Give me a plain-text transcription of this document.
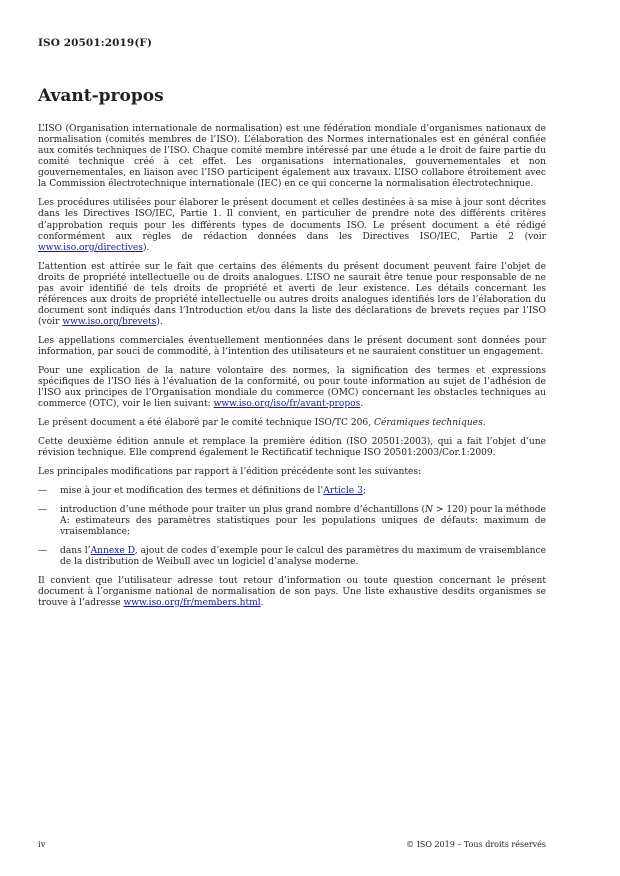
ISO 20501:2019(F)
Avant-propos

L’ISO (Organisation internationale de normalisation) est une fédération mondiale d’organismes nationaux de normalisation (comités membres de l’ISO). L’élaboration des Normes internationales est en général confiée aux comités techniques de l’ISO. Chaque comité membre intéressé par une étude a le droit de faire partie du comité technique créé à cet effet. Les organisations internationales, gouvernementales et non gouvernementales, en liaison avec l’ISO participent également aux travaux. L’ISO collabore étroitement avec la Commission électrotechnique internationale (IEC) en ce qui concerne la normalisation électrotechnique.

Les procédures utilisées pour élaborer le présent document et celles destinées à sa mise à jour sont décrites dans les Directives ISO/IEC, Partie 1. Il convient, en particulier de prendre note des différents critères d’approbation requis pour les différents types de documents ISO. Le présent document a été rédigé conformément aux règles de rédaction données dans les Directives ISO/IEC, Partie 2 (voir www.iso.org/directives).

L’attention est attirée sur le fait que certains des éléments du présent document peuvent faire l’objet de droits de propriété intellectuelle ou de droits analogues. L’ISO ne saurait être tenue pour responsable de ne pas avoir identifié de tels droits de propriété et averti de leur existence. Les détails concernant les références aux droits de propriété intellectuelle ou autres droits analogues identifiés lors de l’élaboration du document sont indiqués dans l’Introduction et/ou dans la liste des déclarations de brevets reçues par l’ISO (voir www.iso.org/brevets).

Les appellations commerciales éventuellement mentionnées dans le présent document sont données pour information, par souci de commodité, à l’intention des utilisateurs et ne sauraient constituer un engagement.

Pour une explication de la nature volontaire des normes, la signification des termes et expressions spécifiques de l’ISO liés à l’évaluation de la conformité, ou pour toute information au sujet de l’adhésion de l’ISO aux principes de l’Organisation mondiale du commerce (OMC) concernant les obstacles techniques au commerce (OTC), voir le lien suivant: www.iso.org/iso/fr/avant-propos.

Le présent document a été élaboré par le comité technique ISO/TC 206, Céramiques techniques.

Cette deuxième édition annule et remplace la première édition (ISO 20501:2003), qui a fait l’objet d’une révision technique. Elle comprend également le Rectificatif technique ISO 20501:2003/Cor.1:2009.

Les principales modifications par rapport à l’édition précédente sont les suivantes:

—	mise à jour et modification des termes et définitions de l’Article 3;
—	introduction d’une méthode pour traiter un plus grand nombre d’échantillons (N > 120) pour la méthode A: estimateurs des paramètres statistiques pour les populations uniques de défauts: maximum de vraisemblance;
—	dans l’Annexe D, ajout de codes d’exemple pour le calcul des paramètres du maximum de vraisemblance de la distribution de Weibull avec un logiciel d’analyse moderne.

Il convient que l’utilisateur adresse tout retour d’information ou toute question concernant le présent document à l’organisme national de normalisation de son pays. Une liste exhaustive desdits organismes se trouve à l’adresse www.iso.org/fr/members.html.

iv	© ISO 2019 – Tous droits réservés
